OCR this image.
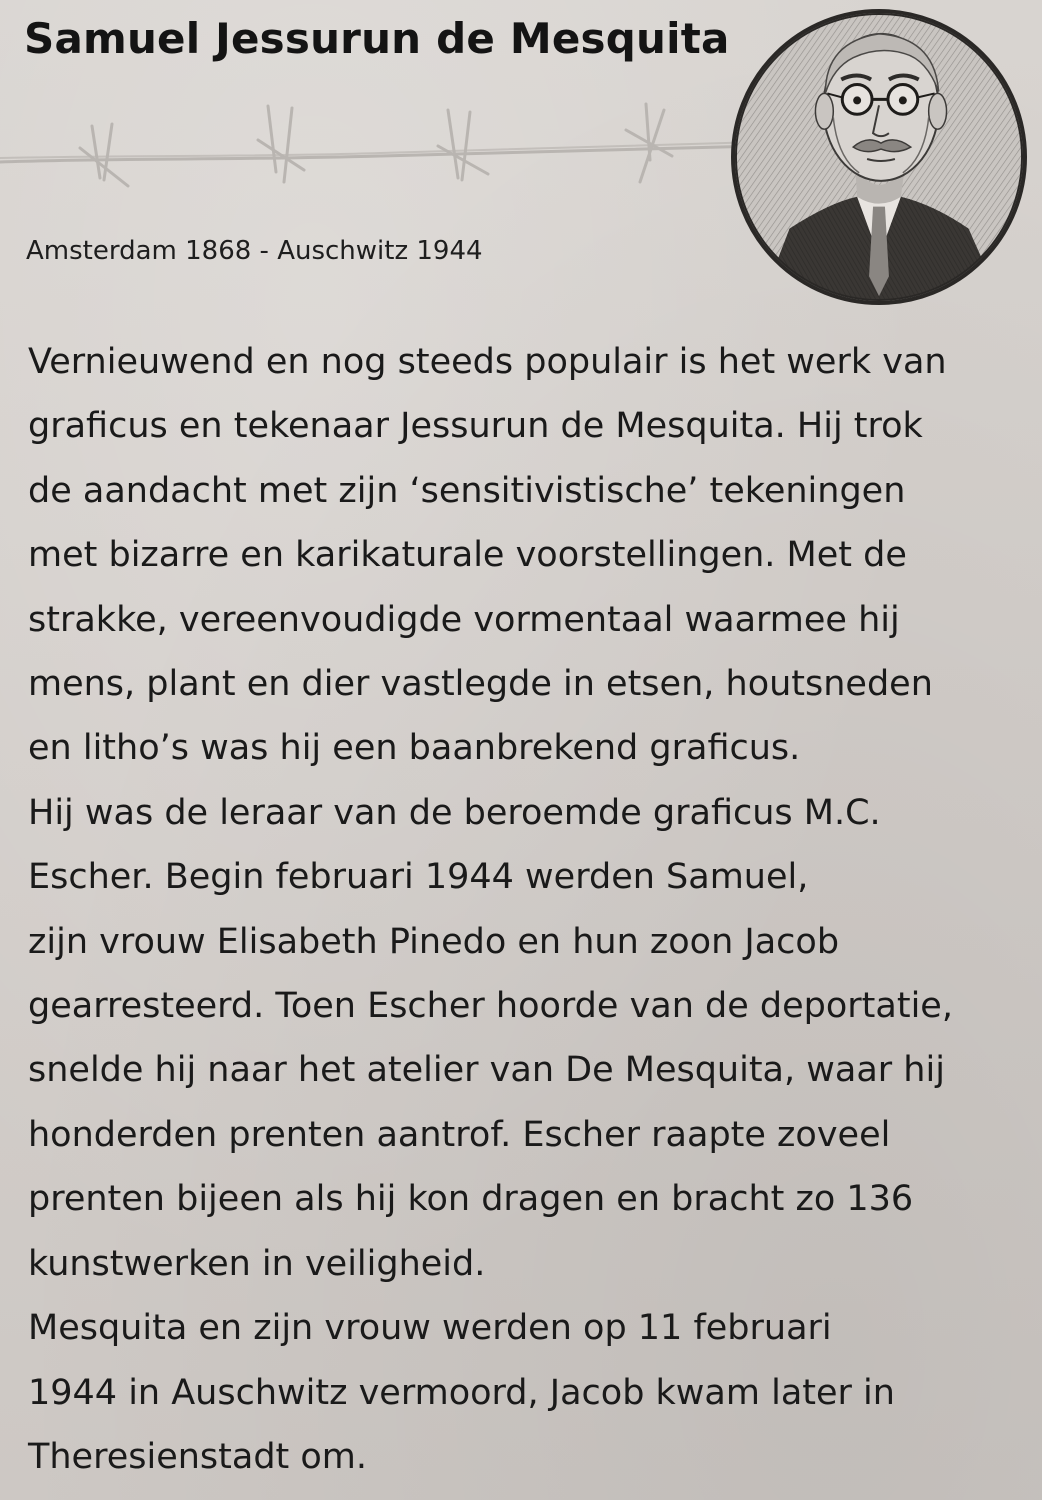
Samuel Jessurun de Mesquita
Amsterdam 1868 - Auschwitz 1944
Vernieuwend en nog steeds populair is het werk van
graficus en tekenaar Jessurun de Mesquita. Hij trok
de aandacht met zijn ‘sensitivistische’ tekeningen
met bizarre en karikaturale voorstellingen. Met de
strakke, vereenvoudigde vormentaal waarmee hij
mens, plant en dier vastlegde in etsen, houtsneden
en litho’s was hij een baanbrekend graficus.
Hij was de leraar van de beroemde graficus M.C.
Escher. Begin februari 1944 werden Samuel,
zijn vrouw Elisabeth Pinedo en hun zoon Jacob
gearresteerd. Toen Escher hoorde van de deportatie,
snelde hij naar het atelier van De Mesquita, waar hij
honderden prenten aantrof. Escher raapte zoveel
prenten bijeen als hij kon dragen en bracht zo 136
kunstwerken in veiligheid.
Mesquita en zijn vrouw werden op 11 februari
1944 in Auschwitz vermoord, Jacob kwam later in
Theresienstadt om.
